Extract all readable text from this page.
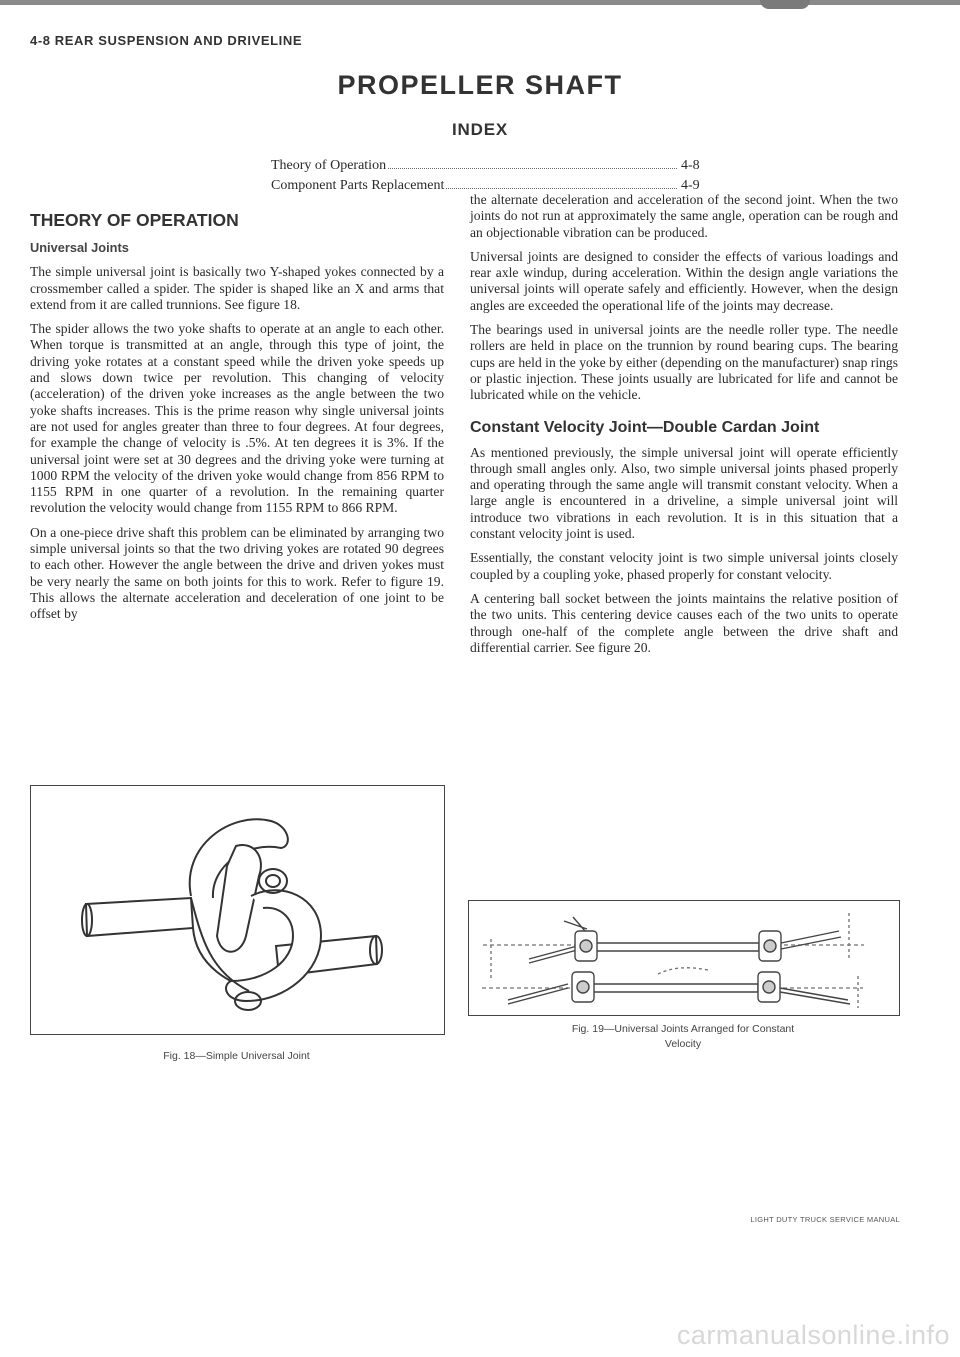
4-8 REAR SUSPENSION AND DRIVELINE
PROPELLER SHAFT
INDEX
Theory of Operation	4-8
Component Parts Replacement	4-9
THEORY OF OPERATION
Universal Joints

The simple universal joint is basically two Y-shaped yokes connected by a crossmember called a spider. The spider is shaped like an X and arms that extend from it are called trunnions. See figure 18.

The spider allows the two yoke shafts to operate at an angle to each other. When torque is transmitted at an angle, through this type of joint, the driving yoke rotates at a constant speed while the driven yoke speeds up and slows down twice per revolution. This changing of velocity (acceleration) of the driven yoke increases as the angle between the two yoke shafts increases. This is the prime reason why single universal joints are not used for angles greater than three to four degrees. At four degrees, for example the change of velocity is .5%. At ten degrees it is 3%. If the universal joint were set at 30 degrees and the driving yoke were turning at 1000 RPM the velocity of the driven yoke would change from 856 RPM to 1155 RPM in one quarter of a revolution. In the remaining quarter revolution the velocity would change from 1155 RPM to 866 RPM.

On a one-piece drive shaft this problem can be eliminated by arranging two simple universal joints so that the two driving yokes are rotated 90 degrees to each other. However the angle between the drive and driven yokes must be very nearly the same on both joints for this to work. Refer to figure 19. This allows the alternate acceleration and deceleration of one joint to be offset by

the alternate deceleration and acceleration of the second joint. When the two joints do not run at approximately the same angle, operation can be rough and an objectionable vibration can be produced.

Universal joints are designed to consider the effects of various loadings and rear axle windup, during acceleration. Within the design angle variations the universal joints will operate safely and efficiently. However, when the design angles are exceeded the operational life of the joints may decrease.

The bearings used in universal joints are the needle roller type. The needle rollers are held in place on the trunnion by round bearing cups. The bearing cups are held in the yoke by either (depending on the manufacturer) snap rings or plastic injection. These joints usually are lubricated for life and cannot be lubricated while on the vehicle.

Constant Velocity Joint—Double Cardan Joint

As mentioned previously, the simple universal joint will operate efficiently through small angles only. Also, two simple universal joints phased properly and operating through the same angle will transmit constant velocity. When a large angle is encountered in a driveline, a simple universal joint will introduce two vibrations in each revolution. It is in this situation that a constant velocity joint is used.

Essentially, the constant velocity joint is two simple universal joints closely coupled by a coupling yoke, phased properly for constant velocity.

A centering ball socket between the joints maintains the relative position of the two units. This centering device causes each of the two units to operate through one-half of the complete angle between the drive shaft and differential carrier. See figure 20.

Fig. 18—Simple Universal Joint
Fig. 19—Universal Joints Arranged for Constant
Velocity
LIGHT DUTY TRUCK SERVICE MANUAL
carmanualsonline.info
